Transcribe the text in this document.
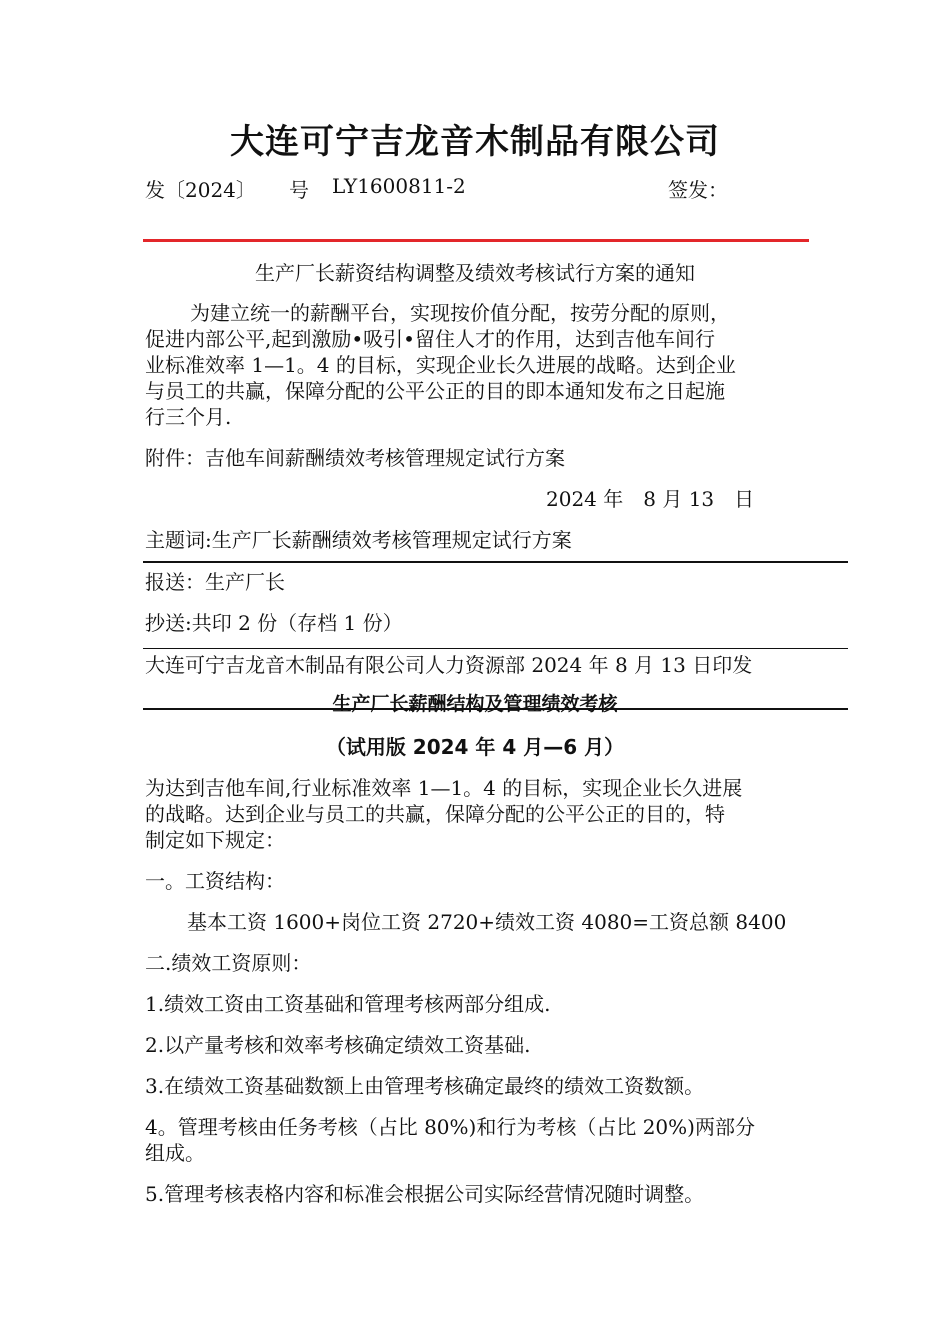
大连可宁吉龙音木制品有限公司
发〔2024〕 号 LY1600811-2	签发：
生产厂长薪资结构调整及绩效考核试行方案的通知
为建立统一的薪酬平台，实现按价值分配，按劳分配的原则，
促进内部公平,起到激励•吸引•留住人才的作用，达到吉他车间行
业标准效率 1—1。4 的目标，实现企业长久进展的战略。达到企业
与员工的共赢，保障分配的公平公正的目的即本通知发布之日起施
行三个月.
附件：吉他车间薪酬绩效考核管理规定试行方案
2024 年　8 月 13　日
主题词:生产厂长薪酬绩效考核管理规定试行方案
报送：生产厂长
抄送:共印 2 份（存档 1 份）
大连可宁吉龙音木制品有限公司人力资源部 2024 年 8 月 13 日印发
生产厂长薪酬结构及管理绩效考核
（试用版 2024 年 4 月—6 月）
为达到吉他车间,行业标准效率 1—1。4 的目标，实现企业长久进展
的战略。达到企业与员工的共赢，保障分配的公平公正的目的，特
制定如下规定：
一。工资结构：
基本工资 1600+岗位工资 2720+绩效工资 4080=工资总额 8400
二.绩效工资原则：
1.绩效工资由工资基础和管理考核两部分组成.
2.以产量考核和效率考核确定绩效工资基础.
3.在绩效工资基础数额上由管理考核确定最终的绩效工资数额。
4。管理考核由任务考核（占比 80%)和行为考核（占比 20%)两部分
组成。
5.管理考核表格内容和标准会根据公司实际经营情况随时调整。
